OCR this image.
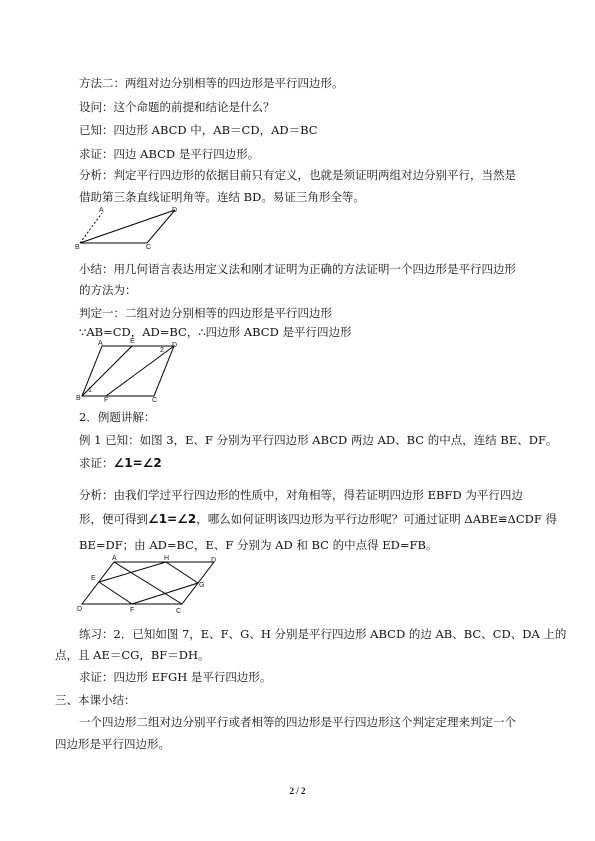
方法二：两组对边分别相等的四边形是平行四边形。
设问：这个命题的前提和结论是什么？
已知：四边形 ABCD 中，AB＝CD，AD＝BC
求证：四边 ABCD 是平行四边形。
分析：判定平行四边形的依据目前只有定义，也就是须证明两组对边分别平行，当然是
借助第三条直线证明角等。连结 BD。易证三角形全等。
A	D
B	C
小结：用几何语言表达用定义法和刚才证明为正确的方法证明一个四边形是平行四边形
的方法为：
判定一：二组对边分别相等的四边形是平行四边形
∵AB=CD，AD=BC，∴四边形 ABCD 是平行四边形
A	E
D
B	F	C
1
2
2．例题讲解：
例 1 已知：如图 3，E、F 分别为平行四边形 ABCD 两边 AD、BC 的中点，连结 BE、DF。
求证：∠1=∠2
分析：由我们学过平行四边形的性质中，对角相等，得若证明四边形 EBFD 为平行四边
形，便可得到∠1=∠2，哪么如何证明该四边形为平行边形呢？可通过证明 ΔABE≌ΔCDF 得
BE=DF；由 AD=BC，E、F 分别为 AD 和 BC 的中点得 ED=FB。
A	H	D
E
G
D	F	C
练习：2．已知如图 7，E、F、G、H 分别是平行四边形 ABCD 的边 AB、BC、CD、DA 上的
点，且 AE＝CG，BF＝DH。
求证：四边形 EFGH 是平行四边形。
三、本课小结：
一个四边形二组对边分别平行或者相等的四边形是平行四边形这个判定定理来判定一个
四边形是平行四边形。
2 / 2
